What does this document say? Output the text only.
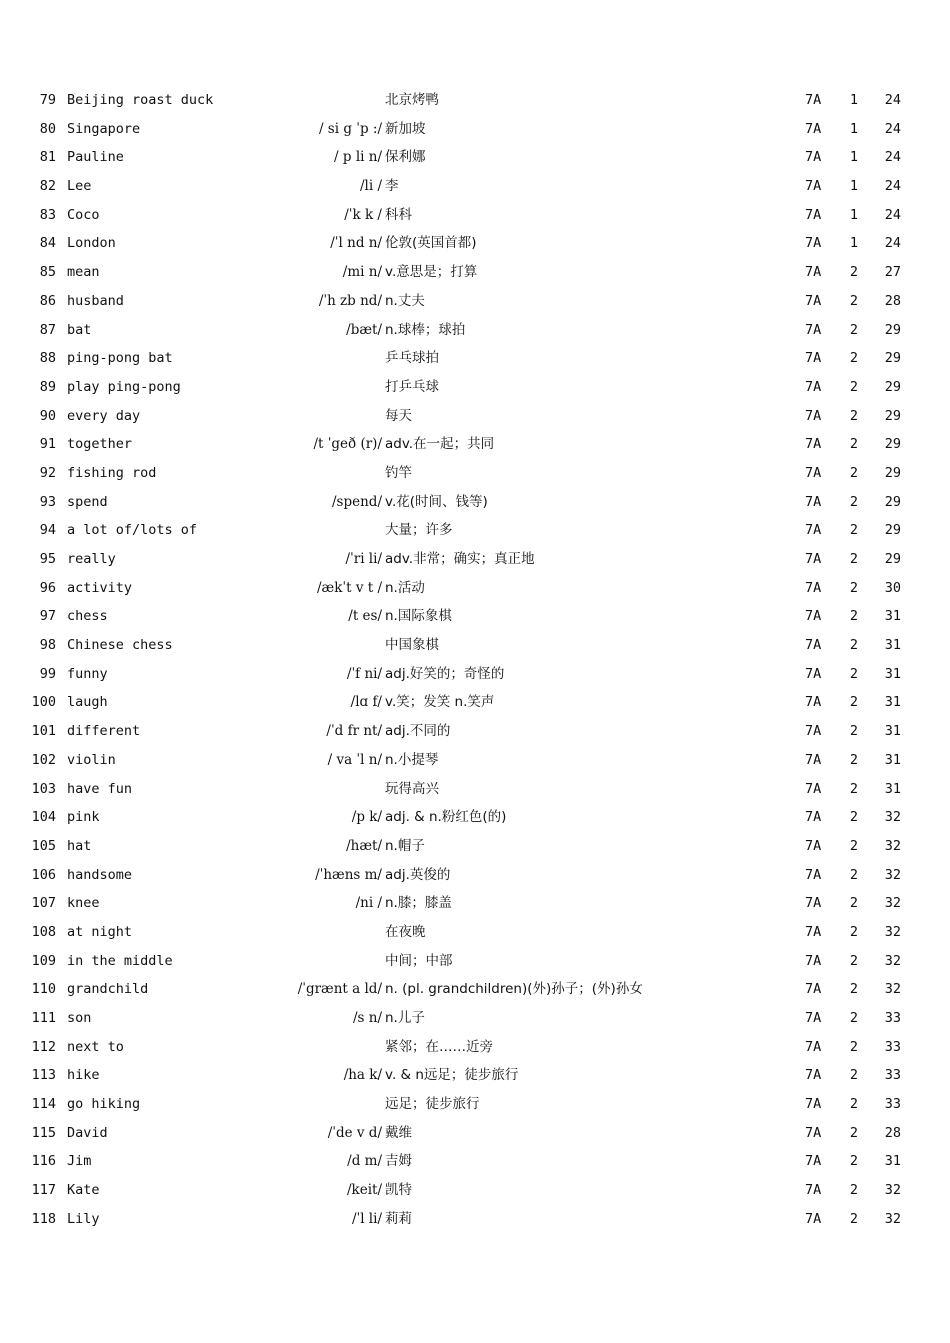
79 Beijing roast duck	北京烤鸭	7A	1	24
80 Singapore	/ si g ˈp :/ 新加坡	7A	1	24
81 Pauline	/ p li n/ 保利娜	7A	1	24
82 Lee	/li / 李	7A	1	24
83 Coco	/ˈk k / 科科	7A	1	24
84 London	/ˈl nd n/ 伦敦(英国首都)	7A	1	24
85 mean	/mi n/ v.意思是；打算	7A	2	27
86 husband	/ˈh zb nd/ n.丈夫	7A	2	28
87 bat	/bæt/ n.球棒；球拍	7A	2	29
88 ping-pong bat	乒乓球拍	7A	2	29
89 play ping-pong	打乒乓球	7A	2	29
90 every day	每天	7A	2	29
91 together	/t ˈgeð (r)/ adv.在一起；共同	7A	2	29
92 fishing rod	钓竿	7A	2	29
93 spend	/spend/ v.花(时间、钱等)	7A	2	29
94 a lot of/lots of	大量；许多	7A	2	29
95 really	/ˈri li/ adv.非常；确实；真正地	7A	2	29
96 activity	/ækˈt v t / n.活动	7A	2	30
97 chess	/t es/ n.国际象棋	7A	2	31
98 Chinese chess	中国象棋	7A	2	31
99 funny	/ˈf ni/ adj.好笑的；奇怪的	7A	2	31
100 laugh	/lɑ f/ v.笑；发笑 n.笑声	7A	2	31
101 different	/ˈd fr nt/ adj.不同的	7A	2	31
102 violin	/ va ˈl n/ n.小提琴	7A	2	31
103 have fun	玩得高兴	7A	2	31
104 pink	/p k/ adj. & n.粉红色(的)	7A	2	32
105 hat	/hæt/ n.帽子	7A	2	32
106 handsome	/ˈhæns m/ adj.英俊的	7A	2	32
107 knee	/ni / n.膝；膝盖	7A	2	32
108 at night	在夜晚	7A	2	32
109 in the middle	中间；中部	7A	2	32
110 grandchild	/ˈgrænt a ld/ n. (pl. grandchildren)(外)孙子；(外)孙女	7A	2	32
111 son	/s n/ n.儿子	7A	2	33
112 next to	紧邻；在……近旁	7A	2	33
113 hike	/ha k/ v. & n远足；徒步旅行	7A	2	33
114 go hiking	远足；徒步旅行	7A	2	33
115 David	/ˈde v d/ 戴维	7A	2	28
116 Jim	/d m/ 吉姆	7A	2	31
117 Kate	/keit/ 凯特	7A	2	32
118 Lily	/ˈl li/ 莉莉	7A	2	32
